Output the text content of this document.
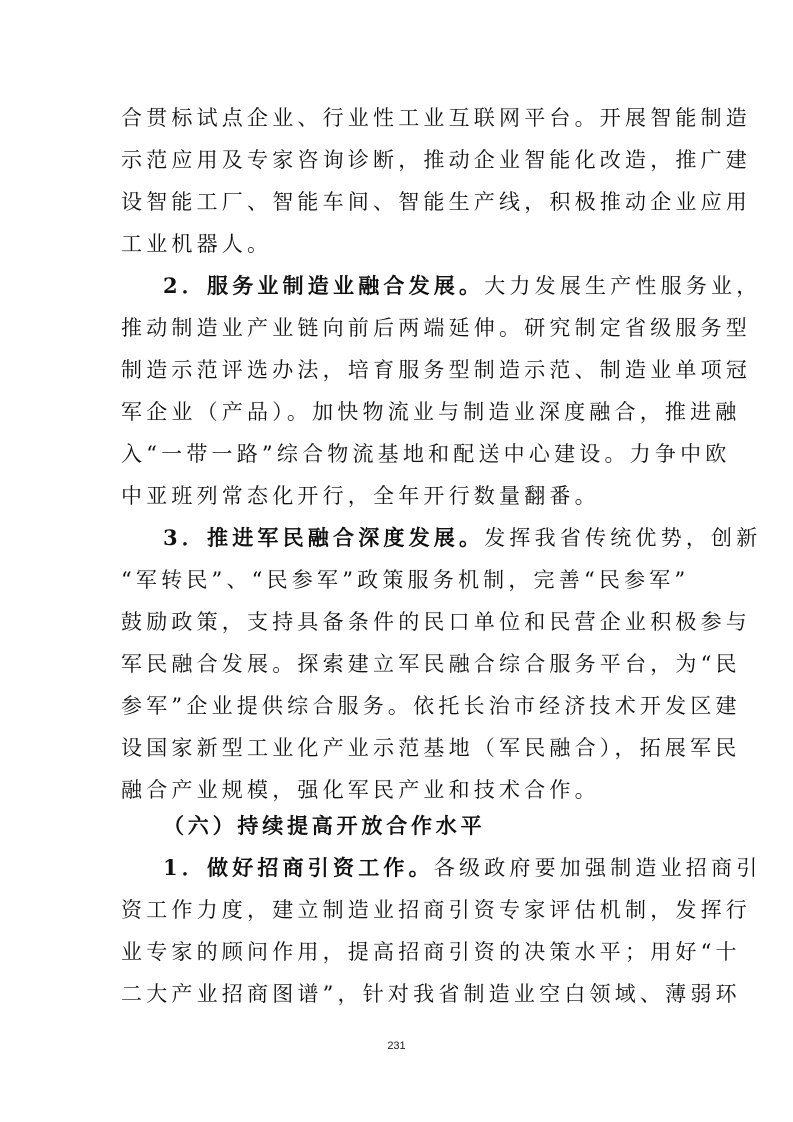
合贯标试点企业、行业性工业互联网平台。开展智能制造
示范应用及专家咨询诊断，推动企业智能化改造，推广建
设智能工厂、智能车间、智能生产线，积极推动企业应用
工业机器人。
2．服务业制造业融合发展。大力发展生产性服务业，
推动制造业产业链向前后两端延伸。研究制定省级服务型
制造示范评选办法，培育服务型制造示范、制造业单项冠
军企业（产品）。加快物流业与制造业深度融合，推进融
入“一带一路”综合物流基地和配送中心建设。力争中欧
中亚班列常态化开行，全年开行数量翻番。
3．推进军民融合深度发展。发挥我省传统优势，创新
“军转民”、“民参军”政策服务机制，完善“民参军”
鼓励政策，支持具备条件的民口单位和民营企业积极参与
军民融合发展。探索建立军民融合综合服务平台，为“民
参军”企业提供综合服务。依托长治市经济技术开发区建
设国家新型工业化产业示范基地（军民融合），拓展军民
融合产业规模，强化军民产业和技术合作。
（六）持续提高开放合作水平
1．做好招商引资工作。各级政府要加强制造业招商引
资工作力度，建立制造业招商引资专家评估机制，发挥行
业专家的顾问作用，提高招商引资的决策水平；用好“十
二大产业招商图谱”，针对我省制造业空白领域、薄弱环
231
